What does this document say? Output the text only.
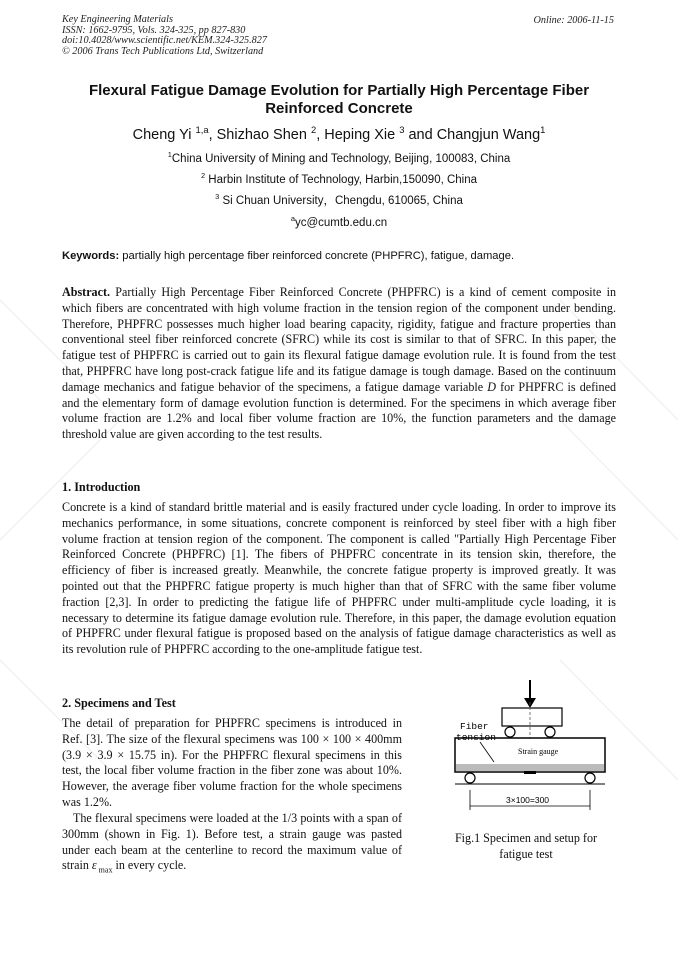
Key Engineering Materials
ISSN: 1662-9795, Vols. 324-325, pp 827-830
doi:10.4028/www.scientific.net/KEM.324-325.827
© 2006 Trans Tech Publications Ltd, Switzerland
Online: 2006-11-15
Flexural Fatigue Damage Evolution for Partially High Percentage Fiber
Reinforced Concrete
Cheng Yi $^{1,a}$, Shizhao Shen $^2$, Heping Xie $^3$ and Changjun Wang$^1$
$^1$China University of Mining and Technology, Beijing, 100083, China
$^2$ Harbin Institute of Technology, Harbin,150090, China
$^3$ Si Chuan University，Chengdu, 610065, China
$^a$yc@cumtb.edu.cn
Keywords: partially high percentage fiber reinforced concrete (PHPFRC), fatigue, damage.
Abstract. Partially High Percentage Fiber Reinforced Concrete (PHPFRC) is a kind of cement composite in which fibers are concentrated with high volume fraction in the tension region of the component under bending. Therefore, PHPFRC possesses much higher load bearing capacity, rigidity, fatigue and fracture properties than conventional steel fiber reinforced concrete (SFRC) while its cost is similar to that of SFRC. In this paper, the fatigue test of PHPFRC is carried out to gain its flexural fatigue damage evolution rule. It is found from the test that, PHPFRC have long post-crack fatigue life and its fatigue damage is tough damage. Based on the continuum damage mechanics and fatigue behavior of the specimens, a fatigue damage variable D for PHPFRC is defined and the elementary form of damage evolution function is determined. For the specimens in which average fiber volume fraction are 1.2% and local fiber volume fraction are 10%, the function parameters and the damage threshold value are given according to the test results.
1. Introduction
Concrete is a kind of standard brittle material and is easily fractured under cycle loading. In order to improve its mechanics performance, in some situations, concrete component is reinforced by steel fiber with a high fiber volume fraction at tension region of the component. The component is called "Partially High Percentage Fiber Reinforced Concrete (PHPFRC) [1]. The fibers of PHPFRC concentrate in its tension skin, therefore, the efficiency of fiber is increased greatly. Meanwhile, the concrete fatigue property is improved greatly. It was pointed out that the PHPFRC fatigue property is much higher than that of SFRC with the same fiber volume fraction [2,3]. In order to predicting the fatigue life of PHPFRC under multi-amplitude cycle loading, it is necessary to determine its fatigue damage evolution rule. Therefore, in this paper, the damage evolution equation of PHPFRC under flexural fatigue is proposed based on the analysis of fatigue damage characteristics as well as its revolution rule of PHPFRC according to the one-amplitude fatigue test.
2. Specimens and Test
The detail of preparation for PHPFRC specimens is introduced in Ref. [3]. The size of the flexural specimens was 100 × 100 × 400mm (3.9 × 3.9 × 15.75 in). For the PHPFRC flexural specimens in this test, the local fiber volume fraction in the fiber zone was about 10%. However, the average fiber volume fraction for the whole specimens was 1.2%.
The flexural specimens were loaded at the 1/3 points with a span of 300mm (shown in Fig. 1). Before test, a strain gauge was pasted under each beam at the centerline to record the maximum value of strain ε $_{max}$ in every cycle.
Fiber
tension
Strain gauge
3×100=300
Fig.1 Specimen and setup for
fatigue test
